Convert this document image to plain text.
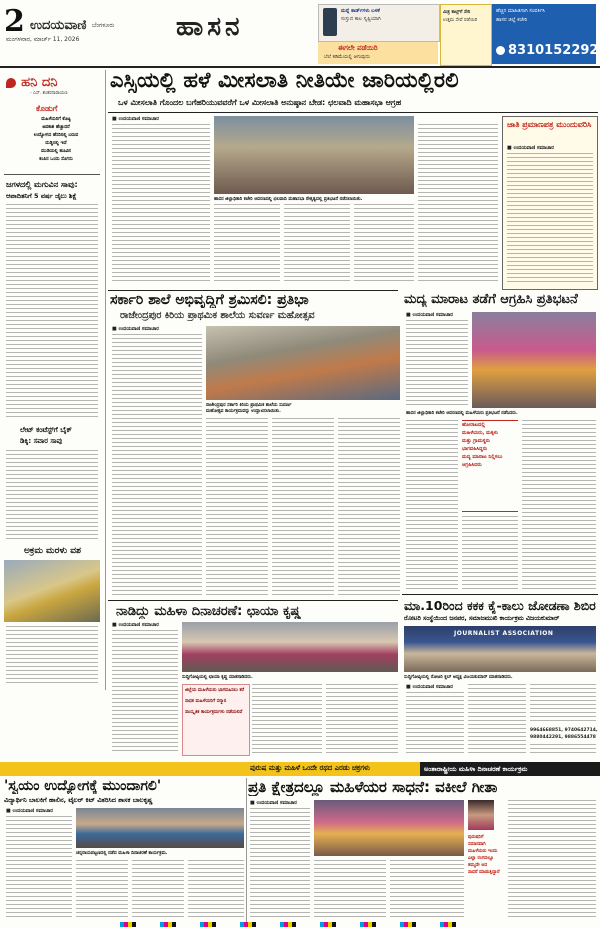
2 ಉದಯವಾಣಿ ಬೆಂಗಳೂರು
ಮಂಗಳವಾರ, ಮಾರ್ಚ್ 11, 2026	ಹಾಸನ
ಮನ್ನೆ ಕಾರ್ಡ್‌ಗಳು ಬಳಕೆ
ಸುಸ್ತುದ ಕಾಲ ಸೃಷ್ಟಿಯಾಗಿ
ಈಗಲೇ ಪಡೆಯಿರಿ
ಬೆಲೆ ಕಡಿಮೆಯಲ್ಲಿ ಆಗುವುದು
ಮಿತ್ರ ಕಾಲ್ಸ್‌ಗೆ ಸೇರಿ
ಉತ್ತಮ ಸೇವೆ ಪಡೆಯಿರಿ
ಹೆಚ್ಚಿನ ಮಾಹಿತಿಗಾಗಿ ಸಂಪರ್ಕಿಸಿ
ಹಾಸನ ಜಿಲ್ಲೆ ಕಚೇರಿ
8310152292
ಹನಿ ದನಿ
- ಎಸ್. ಶಂಕರನಾರಾಯಣ
ಕೊಡುಗೆ
ಮಹಿಳೆಯರಿಗೆ ಕೊಟ್ಟ
ಅವಕಾಶ ಹೆಚ್ಚಾದರೆ
ಉದ್ಯೋಗದ ಹೆಸರಿನಲ್ಲಿ ಬರುವ
ದುಡ್ಡಿನಲ್ಲಿ ಇದೆ
ಮುಡಿಯಲ್ಲಿ ಹೂವಿನ
ಕಂಪಿನ ಒಂದು ಸೊಗಸು
ಜಗಳದಲ್ಲಿ ಮಗುವಿನ ಸಾವು:
ಆಪಾದಿತನಿಗೆ 5 ವರ್ಷ ಜೈಲು ಶಿಕ್ಷೆ
ಲೇಟ್ ಕಂಟೆಸ್ಟ್‌ಗೆ ಬೈಕ್
ಡಿಕ್ಕಿ: ಸವಾರ ಸಾವು
ಅಕ್ರಮ ಮರಳು ವಶ
ಎಸ್ಸಿಯಲ್ಲಿ ಹಳೆ ಮೀಸಲಾತಿ ನೀತಿಯೇ ಜಾರಿಯಲ್ಲಿರಲಿ
ಒಳ ಮೀಸಲಾತಿ ಗೊಂದಲ ಬಗೆಹರಿಯುವವರೆಗೆ ಒಳ ಮೀಸಲಾತಿ ಅನುಷ್ಠಾನ ಬೇಡ: ಛಲವಾದಿ ಮಹಾಸಭಾ ಆಗ್ರಹ
■ ಉದಯವಾಣಿ ಸಮಾಚಾರ
ಹಾಸನ ಜಿಲ್ಲಾಧಿಕಾರಿ ಕಚೇರಿ ಆವರಣದಲ್ಲಿ ಛಲವಾದಿ ಮಹಾಸಭಾ ನೇತೃತ್ವದಲ್ಲಿ ಪ್ರತಿಭಟನೆ ನಡೆಸಲಾಯಿತು.
ಜಾತಿ ಪ್ರಮಾಣಪತ್ರ ಮುಂದುವರಿಸಿ
■ ಉದಯವಾಣಿ ಸಮಾಚಾರ
ಸರ್ಕಾರಿ ಶಾಲೆ ಅಭಿವೃದ್ಧಿಗೆ ಶ್ರಮಿಸಲಿ: ಪ್ರತಿಭಾ
ರಾಜೇಂದ್ರಪುರ ಕಿರಿಯ ಪ್ರಾಥಮಿಕ ಶಾಲೆಯ ಸುವರ್ಣ ಮಹೋತ್ಸವ
■ ಉದಯವಾಣಿ ಸಮಾಚಾರ
ರಾಜೇಂದ್ರಪುರ ಸರ್ಕಾರಿ ಕಿರಿಯ ಪ್ರಾಥಮಿಕ ಶಾಲೆಯ ಸುವರ್ಣ
ಮಹೋತ್ಸವ ಕಾರ್ಯಕ್ರಮವನ್ನು ಉದ್ಘಾಟಿಸಲಾಯಿತು.
ಮದ್ಯ ಮಾರಾಟ ತಡೆಗೆ ಆಗ್ರಹಿಸಿ ಪ್ರತಿಭಟನೆ
■ ಉದಯವಾಣಿ ಸಮಾಚಾರ
ಹಾಸನ ಜಿಲ್ಲಾಧಿಕಾರಿ ಕಚೇರಿ ಆವರಣದಲ್ಲಿ ಮಹಿಳೆಯರು ಪ್ರತಿಭಟನೆ ನಡೆಸಿದರು.
ಹೋರಾಟದಲ್ಲಿ
ಮಹಿಳೆಯರು, ಮಕ್ಕಳು
ಮತ್ತು ಗ್ರಾಮಸ್ಥರು
ಭಾಗವಹಿಸಿದ್ದರು
ಮದ್ಯ ಮಾರಾಟ ನಿಲ್ಲಿಸಲು
ಆಗ್ರಹಿಸಿದರು
ನಾಡಿದ್ದು ಮಹಿಳಾ ದಿನಾಚರಣೆ: ಛಾಯಾ ಕೃಷ್ಣ
■ ಉದಯವಾಣಿ ಸಮಾಚಾರ
ಸುದ್ದಿಗೋಷ್ಠಿಯಲ್ಲಿ ಛಾಯಾ ಕೃಷ್ಣ ಮಾತನಾಡಿದರು.
ಜಿಲ್ಲೆಯ ಮಹಿಳೆಯರು ಭಾಗವಹಿಸಲು ಕರೆ
ಸಾಧಕ ಮಹಿಳೆಯರಿಗೆ ಸನ್ಮಾನ
ಸಾಂಸ್ಕೃತಿಕ ಕಾರ್ಯಕ್ರಮಗಳು ನಡೆಯಲಿವೆ
ಮಾ.10ರಿಂದ ಕಕಕ ಕೈ-ಕಾಲು ಜೋಡಣಾ ಶಿಬಿರ
ರೋಟರಿ ಸಂಸ್ಥೆಯಿಂದ ಜನಪರ, ಸಮಾಜಮುಖಿ ಕಾರ್ಯಕ್ರಮ ವಿಜಯಕುಮಾರ್
JOURNALIST ASSOCIATION
ಸುದ್ದಿಗೋಷ್ಠಿಯಲ್ಲಿ ರೋಟರಿ ಕ್ಲಬ್ ಅಧ್ಯಕ್ಷ ವಿಜಯಕುಮಾರ್ ಮಾತನಾಡಿದರು.
■ ಉದಯವಾಣಿ ಸಮಾಚಾರ
9964668851, 9740642714,
9880442291, 9886554478
ಪುರುಷ ಮತ್ತು ಮಹಿಳೆ ಒಂದೇ ರಥದ ಎರಡು ಚಕ್ರಗಳು	ಅಂತಾರಾಷ್ಟ್ರೀಯ ಮಹಿಳಾ ದಿನಾಚರಣೆ ಕಾರ್ಯಕ್ರಮ
'ಸ್ವಯಂ ಉದ್ಯೋಗಕ್ಕೆ ಮುಂದಾಗಲಿ'
ವಿದ್ಯಾರ್ಥಿನಿ ಬಾಲಕಿಗೆ ಹಾಲಿನ, ಟೈಲರ್ ಕಿಟ್ ವಿತರಿಸಿದ ಶಾಸಕ ಬಾಲಕೃಷ್ಣ
ಪ್ರತಿ ಕ್ಷೇತ್ರದಲ್ಲೂ ಮಹಿಳೆಯರ ಸಾಧನೆ: ವಕೀಲೆ ಗೀತಾ
■ ಉದಯವಾಣಿ ಸಮಾಚಾರ
ಚನ್ನರಾಯಪಟ್ಟಣದಲ್ಲಿ ನಡೆದ ಮಹಿಳಾ ದಿನಾಚರಣೆ ಕಾರ್ಯಕ್ರಮ.
■ ಉದಯವಾಣಿ ಸಮಾಚಾರ
ಪುರುಷರಿಗೆ
ಸಮಾನವಾಗಿ
ಮಹಿಳೆಯರು ಇಂದು
ಎಲ್ಲಾ ರಂಗದಲ್ಲೂ
ತಮ್ಮದೇ ಆದ
ಸಾಧನೆ ಮಾಡುತ್ತಿದ್ದಾರೆ
